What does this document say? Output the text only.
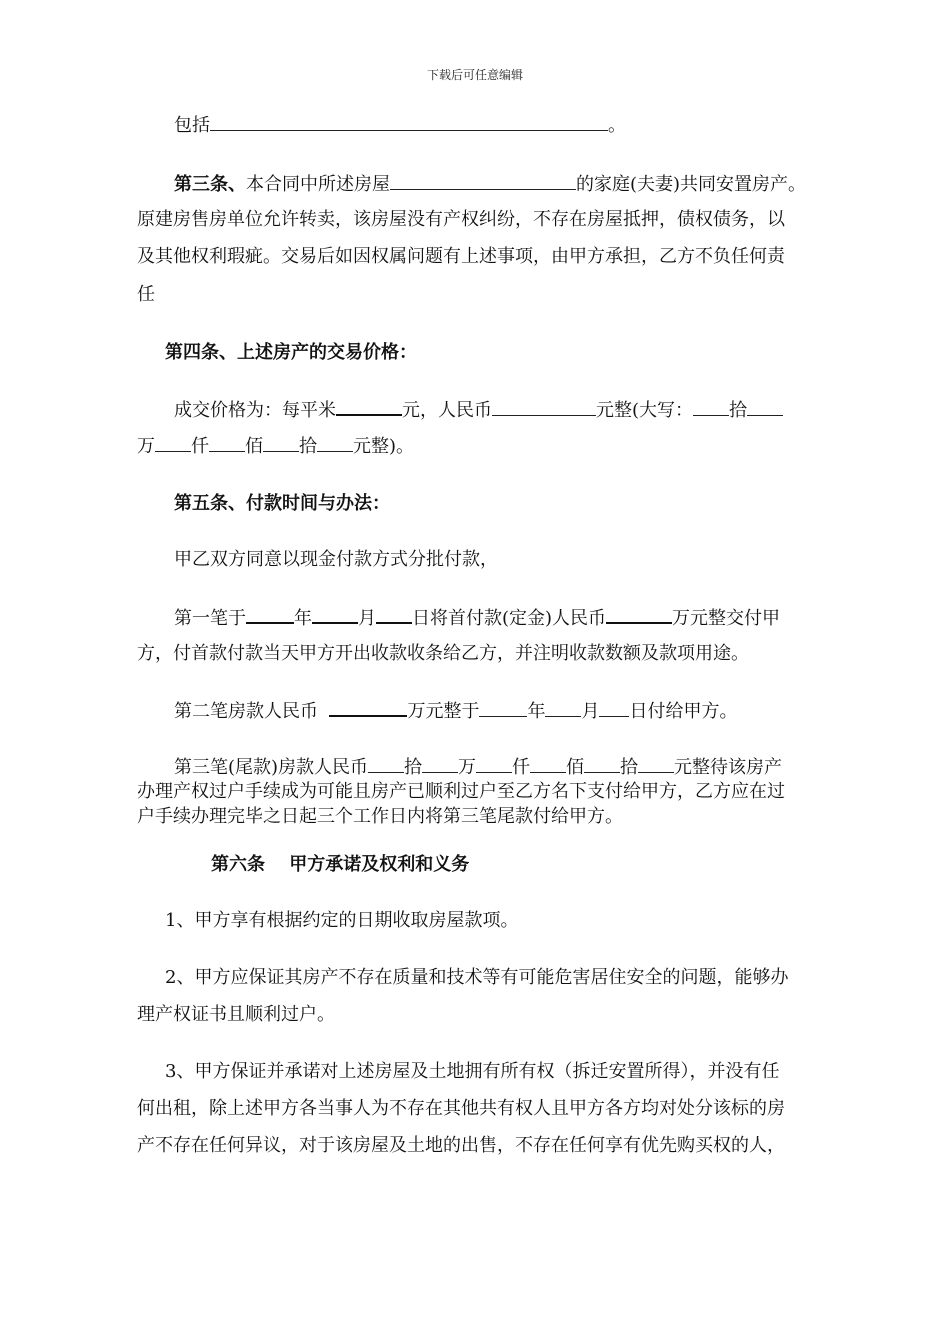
下载后可任意编辑
包括	。
第三条、本合同中所述房屋	的家庭(夫妻)共同安置房产。
原建房售房单位允许转卖，该房屋没有产权纠纷，不存在房屋抵押，债权债务，以
及其他权利瑕疵。交易后如因权属问题有上述事项，由甲方承担，乙方不负任何责
任
第四条、上述房产的交易价格：
成交价格为：每平米	元，人民币	元整(大写： 拾
万 仟 佰 拾 元整)。
第五条、付款时间与办法：
甲乙双方同意以现金付款方式分批付款，
第一笔于	年	月 日将首付款(定金)人民币	万元整交付甲
方，付首款付款当天甲方开出收款收条给乙方，并注明收款数额及款项用途。
第二笔房款人民币	万元整于	年 月 日付给甲方。
第三笔(尾款)房款人民币 拾 万 仟 佰 拾 元整待该房产
办理产权过户手续成为可能且房产已顺利过户至乙方名下支付给甲方，乙方应在过
户手续办理完毕之日起三个工作日内将第三笔尾款付给甲方。
第六条　 甲方承诺及权利和义务
1、甲方享有根据约定的日期收取房屋款项。
2、甲方应保证其房产不存在质量和技术等有可能危害居住安全的问题，能够办
理产权证书且顺利过户。
3、甲方保证并承诺对上述房屋及土地拥有所有权（拆迁安置所得），并没有任
何出租，除上述甲方各当事人为不存在其他共有权人且甲方各方均对处分该标的房
产不存在任何异议，对于该房屋及土地的出售，不存在任何享有优先购买权的人，
